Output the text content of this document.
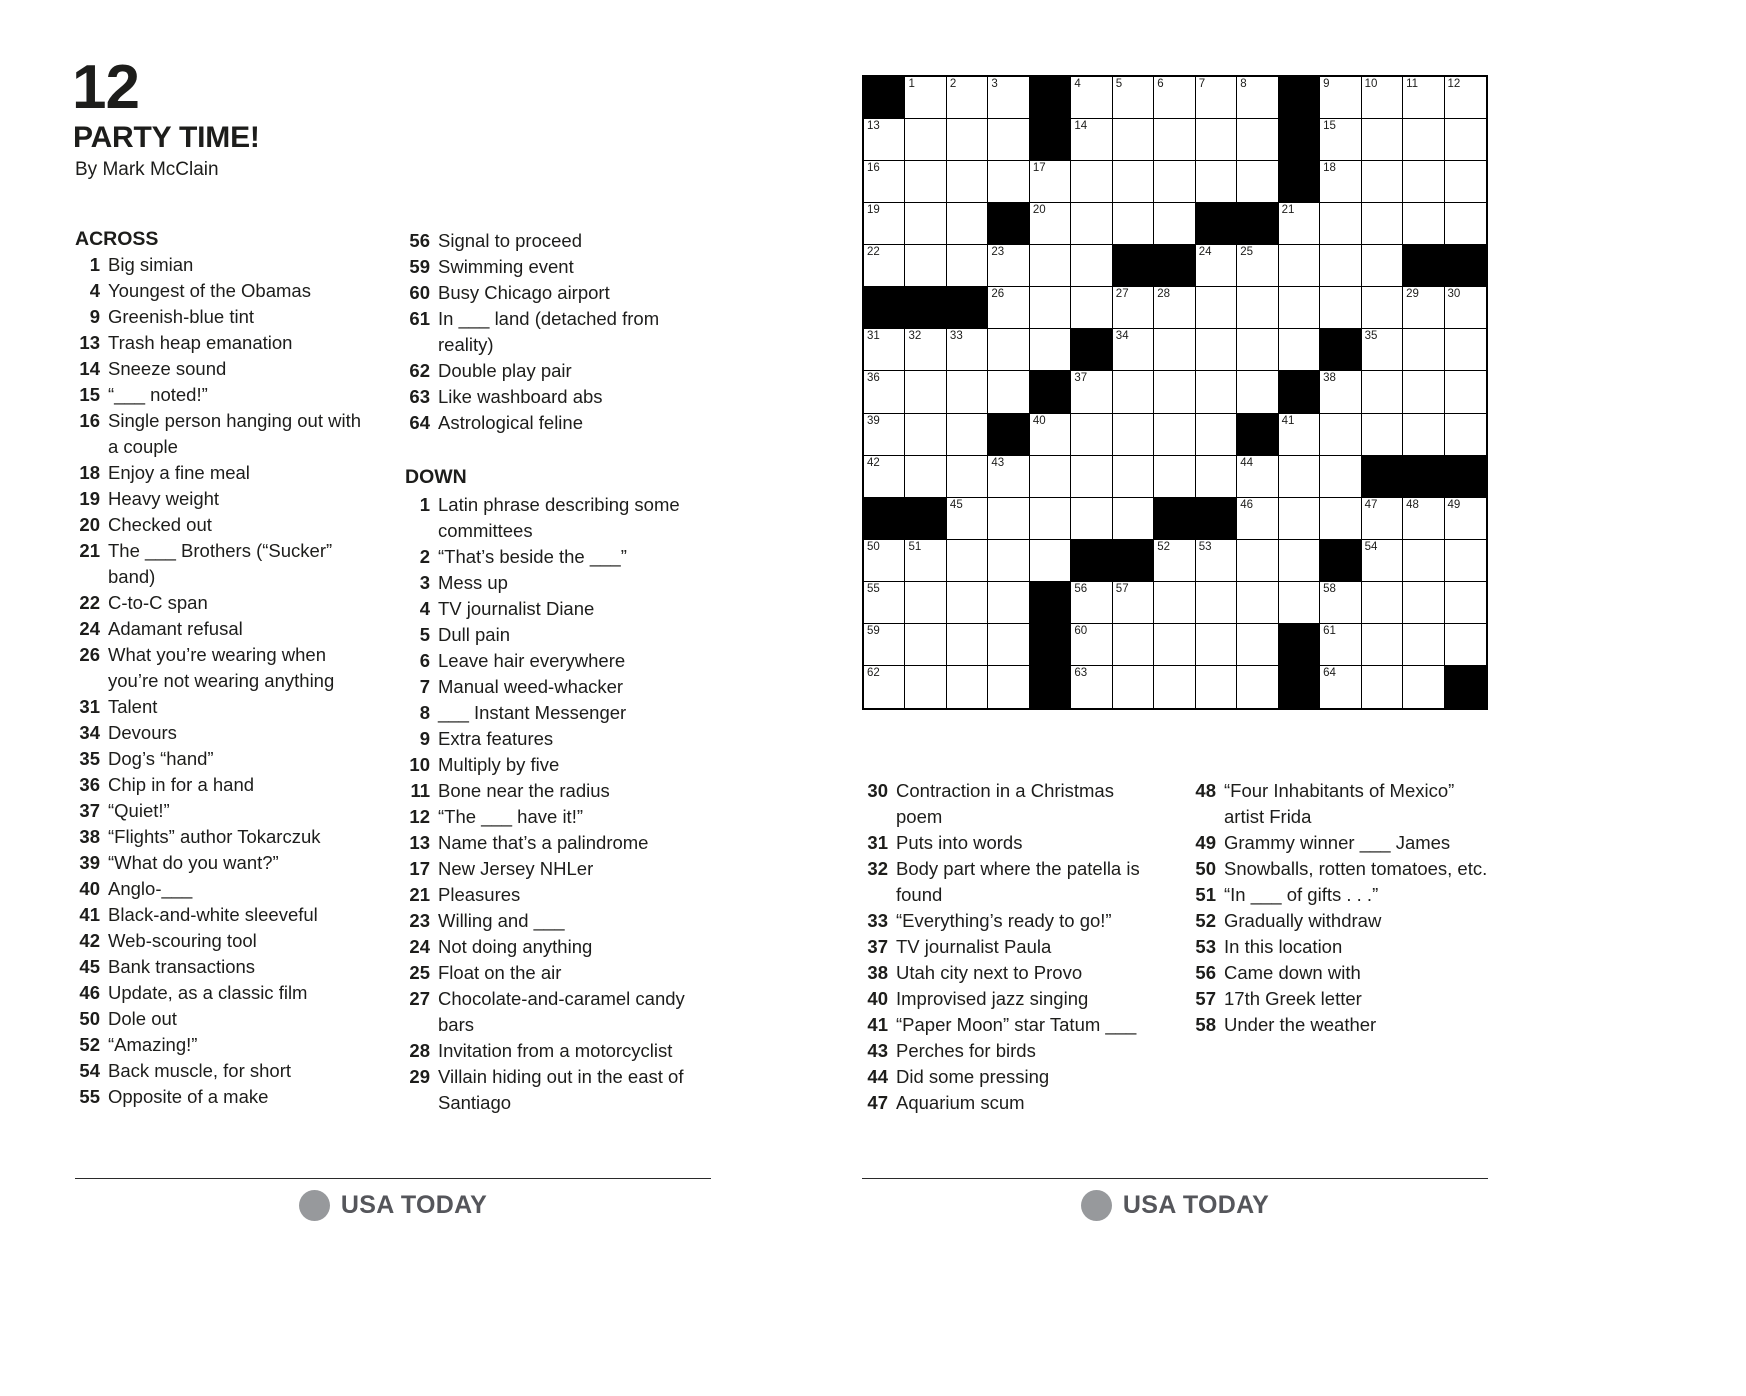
12
PARTY TIME!
By Mark McClain
ACROSS
1 Big simian
4 Youngest of the Obamas
9 Greenish-blue tint
13 Trash heap emanation
14 Sneeze sound
15 “___ noted!”
16 Single person hanging out with a couple
18 Enjoy a fine meal
19 Heavy weight
20 Checked out
21 The ___ Brothers (“Sucker” band)
22 C-to-C span
24 Adamant refusal
26 What you’re wearing when you’re not wearing anything
31 Talent
34 Devours
35 Dog’s “hand”
36 Chip in for a hand
37 “Quiet!”
38 “Flights” author Tokarczuk
39 “What do you want?”
40 Anglo-___
41 Black-and-white sleeveful
42 Web-scouring tool
45 Bank transactions
46 Update, as a classic film
50 Dole out
52 “Amazing!”
54 Back muscle, for short
55 Opposite of a make
56 Signal to proceed
59 Swimming event
60 Busy Chicago airport
61 In ___ land (detached from reality)
62 Double play pair
63 Like washboard abs
64 Astrological feline
DOWN
1 Latin phrase describing some committees
2 “That’s beside the ___”
3 Mess up
4 TV journalist Diane
5 Dull pain
6 Leave hair everywhere
7 Manual weed-whacker
8 ___ Instant Messenger
9 Extra features
10 Multiply by five
11 Bone near the radius
12 “The ___ have it!”
13 Name that’s a palindrome
17 New Jersey NHLer
21 Pleasures
23 Willing and ___
24 Not doing anything
25 Float on the air
27 Chocolate-and-caramel candy bars
28 Invitation from a motorcyclist
29 Villain hiding out in the east of Santiago
1	2	3	4	5	6	7	8	9	10 11	12
13	14	15
16	17	18
19	20	21
22	23	24 25
26	27 28	29 30
31 32 33	34	35
36	37	38
39	40	41
42	43	44
45	46	47 48 49
50 51	52 53	54
55	56 57	58
59	60	61
62	63	64
30 Contraction in a Christmas poem
31 Puts into words
32 Body part where the patella is found
33 “Everything’s ready to go!”
37 TV journalist Paula
38 Utah city next to Provo
40 Improvised jazz singing
41 “Paper Moon” star Tatum ___
43 Perches for birds
44 Did some pressing
47 Aquarium scum
48 “Four Inhabitants of Mexico” artist Frida
49 Grammy winner ___ James
50 Snowballs, rotten tomatoes, etc.
51 “In ___ of gifts . . .”
52 Gradually withdraw
53 In this location
56 Came down with
57 17th Greek letter
58 Under the weather
USA TODAY	USA TODAY
